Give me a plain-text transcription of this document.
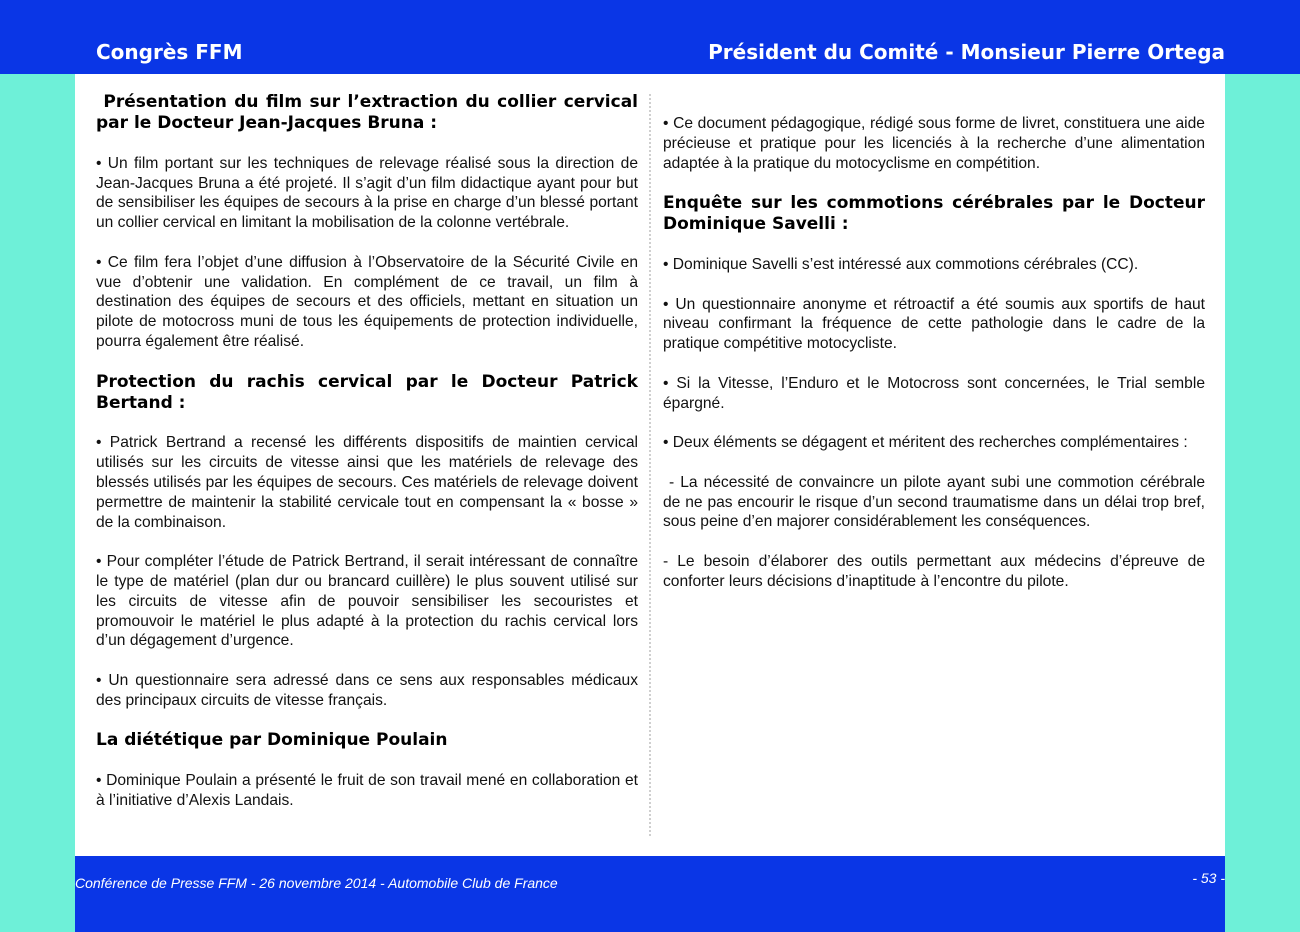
Congrès FFM	Président du Comité - Monsieur Pierre Ortega
Présentation du film sur l’extraction du collier cervical par le Docteur Jean-Jacques Bruna :

• Un film portant sur les techniques de relevage réalisé sous la direction de Jean-Jacques Bruna a été projeté. Il s’agit d’un film didactique ayant pour but de sensibiliser les équipes de secours à la prise en charge d’un blessé portant un collier cervical en limitant la mobilisation de la colonne vertébrale.

• Ce film fera l’objet d’une diffusion à l’Observatoire de la Sécurité Civile en vue d’obtenir une validation. En complément de ce travail, un film à destination des équipes de secours et des officiels, mettant en situation un pilote de motocross muni de tous les équipements de protection individuelle, pourra également être réalisé.

Protection du rachis cervical par le Docteur Patrick Bertand :

• Patrick Bertrand a recensé les différents dispositifs de maintien cervical utilisés sur les circuits de vitesse ainsi que les matériels de relevage des blessés utilisés par les équipes de secours. Ces matériels de relevage doivent permettre de maintenir la stabilité cervicale tout en compensant la « bosse » de la combinaison.

• Pour compléter l’étude de Patrick Bertrand, il serait intéressant de connaître le type de matériel (plan dur ou brancard cuillère) le plus souvent utilisé sur les circuits de vitesse afin de pouvoir sensibiliser les secouristes et promouvoir le matériel le plus adapté à la protection du rachis cervical lors d’un dégagement d’urgence.

• Un questionnaire sera adressé dans ce sens aux responsables médicaux des principaux circuits de vitesse français.

La diététique par Dominique Poulain

• Dominique Poulain a présenté le fruit de son travail mené en collaboration et à l’initiative d’Alexis Landais.

• Ce document pédagogique, rédigé sous forme de livret, constituera une aide précieuse et pratique pour les licenciés à la recherche d’une alimentation adaptée à la pratique du motocyclisme en compétition.

Enquête sur les commotions cérébrales par le Docteur Dominique Savelli :

• Dominique Savelli s’est intéressé aux commotions cérébrales (CC).

• Un questionnaire anonyme et rétroactif a été soumis aux sportifs de haut niveau confirmant la fréquence de cette pathologie dans le cadre de la pratique compétitive motocycliste.

• Si la Vitesse, l’Enduro et le Motocross sont concernées, le Trial semble épargné.

• Deux éléments se dégagent et méritent des recherches complémentaires :

- La nécessité de convaincre un pilote ayant subi une commotion cérébrale de ne pas encourir le risque d’un second traumatisme dans un délai trop bref, sous peine d’en majorer considérablement les conséquences.

- Le besoin d’élaborer des outils permettant aux médecins d’épreuve de conforter leurs décisions d’inaptitude à l’encontre du pilote.

Conférence de Presse FFM - 26 novembre 2014 - Automobile Club de France	- 53 -
